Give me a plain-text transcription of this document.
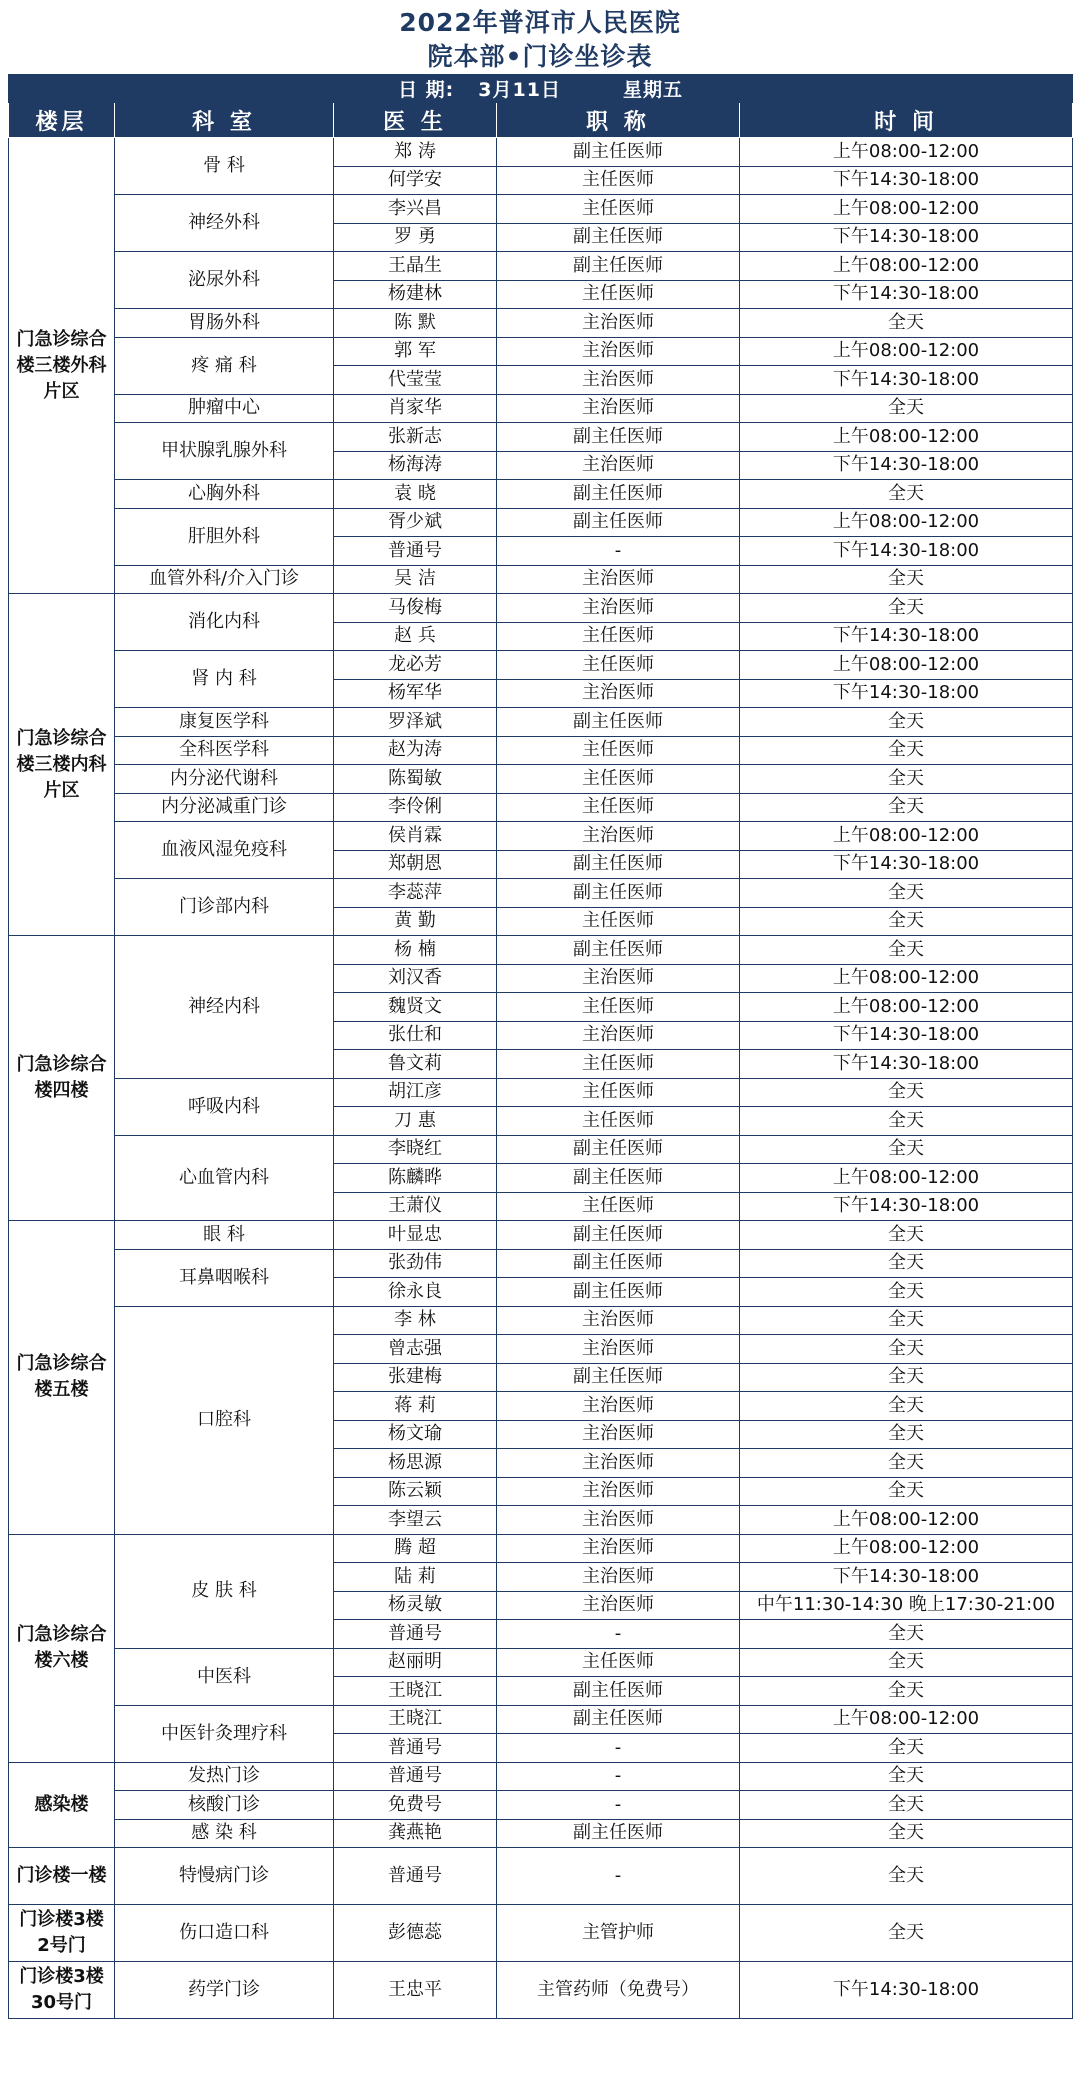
2022年普洱市人民医院
院本部•门诊坐诊表
日 期: 3月11日 星期五				
楼层	科 室	医 生	职 称	时 间

门急诊综合楼三楼外科片区	骨 科	郑 涛	副主任医师	上午08:00-12:00
		何学安	主任医师	下午14:30-18:00
	神经外科	李兴昌	主任医师	上午08:00-12:00
		罗 勇	副主任医师	下午14:30-18:00
	泌尿外科	王晶生	副主任医师	上午08:00-12:00
		杨建林	主任医师	下午14:30-18:00
	胃肠外科	陈 默	主治医师	全天
	疼 痛 科	郭 军	主治医师	上午08:00-12:00
		代莹莹	主治医师	下午14:30-18:00
	肿瘤中心	肖家华	主治医师	全天
	甲状腺乳腺外科	张新志	副主任医师	上午08:00-12:00
		杨海涛	主治医师	下午14:30-18:00
	心胸外科	袁 晓	副主任医师	全天
	肝胆外科	胥少斌	副主任医师	上午08:00-12:00
		普通号	-	下午14:30-18:00
	血管外科/介入门诊	吴 洁	主治医师	全天

门急诊综合楼三楼内科片区	消化内科	马俊梅	主治医师	全天
		赵 兵	主任医师	下午14:30-18:00
	肾 内 科	龙必芳	主任医师	上午08:00-12:00
		杨军华	主治医师	下午14:30-18:00
	康复医学科	罗泽斌	副主任医师	全天
	全科医学科	赵为涛	主任医师	全天
	内分泌代谢科	陈蜀敏	主任医师	全天
	内分泌减重门诊	李伶俐	主任医师	全天
	血液风湿免疫科	侯肖霖	主治医师	上午08:00-12:00
		郑朝恩	副主任医师	下午14:30-18:00
	门诊部内科	李蕊萍	副主任医师	全天
		黄 勤	主任医师	全天

门急诊综合楼四楼	神经内科	杨 楠	副主任医师	全天
		刘汉香	主治医师	上午08:00-12:00
		魏贤文	主任医师	上午08:00-12:00
		张仕和	主治医师	下午14:30-18:00
		鲁文莉	主任医师	下午14:30-18:00
	呼吸内科	胡江彦	主任医师	全天
		刀 惠	主任医师	全天
	心血管内科	李晓红	副主任医师	全天
		陈麟晔	副主任医师	上午08:00-12:00
		王萧仪	主任医师	下午14:30-18:00

门急诊综合楼五楼	眼 科	叶显忠	副主任医师	全天
	耳鼻咽喉科	张劲伟	副主任医师	全天
		徐永良	副主任医师	全天
	口腔科	李 林	主治医师	全天
		曾志强	主治医师	全天
		张建梅	副主任医师	全天
		蒋 莉	主治医师	全天
		杨文瑜	主治医师	全天
		杨思源	主治医师	全天
		陈云颖	主治医师	全天
		李望云	主治医师	上午08:00-12:00

门急诊综合楼六楼	皮 肤 科	腾 超	主治医师	上午08:00-12:00
		陆 莉	主治医师	下午14:30-18:00
		杨灵敏	主治医师	中午11:30-14:30 晚上17:30-21:00
		普通号	-	全天
	中医科	赵丽明	主任医师	全天
		王晓江	副主任医师	全天
	中医针灸理疗科	王晓江	副主任医师	上午08:00-12:00
		普通号	-	全天

感染楼	发热门诊	普通号	-	全天
	核酸门诊	免费号	-	全天
	感 染 科	龚燕艳	副主任医师	全天

门诊楼一楼	特慢病门诊	普通号	-	全天

门诊楼3楼2号门	伤口造口科	彭德蕊	主管护师	全天

门诊楼3楼30号门	药学门诊	王忠平	主管药师（免费号）	下午14:30-18:00
